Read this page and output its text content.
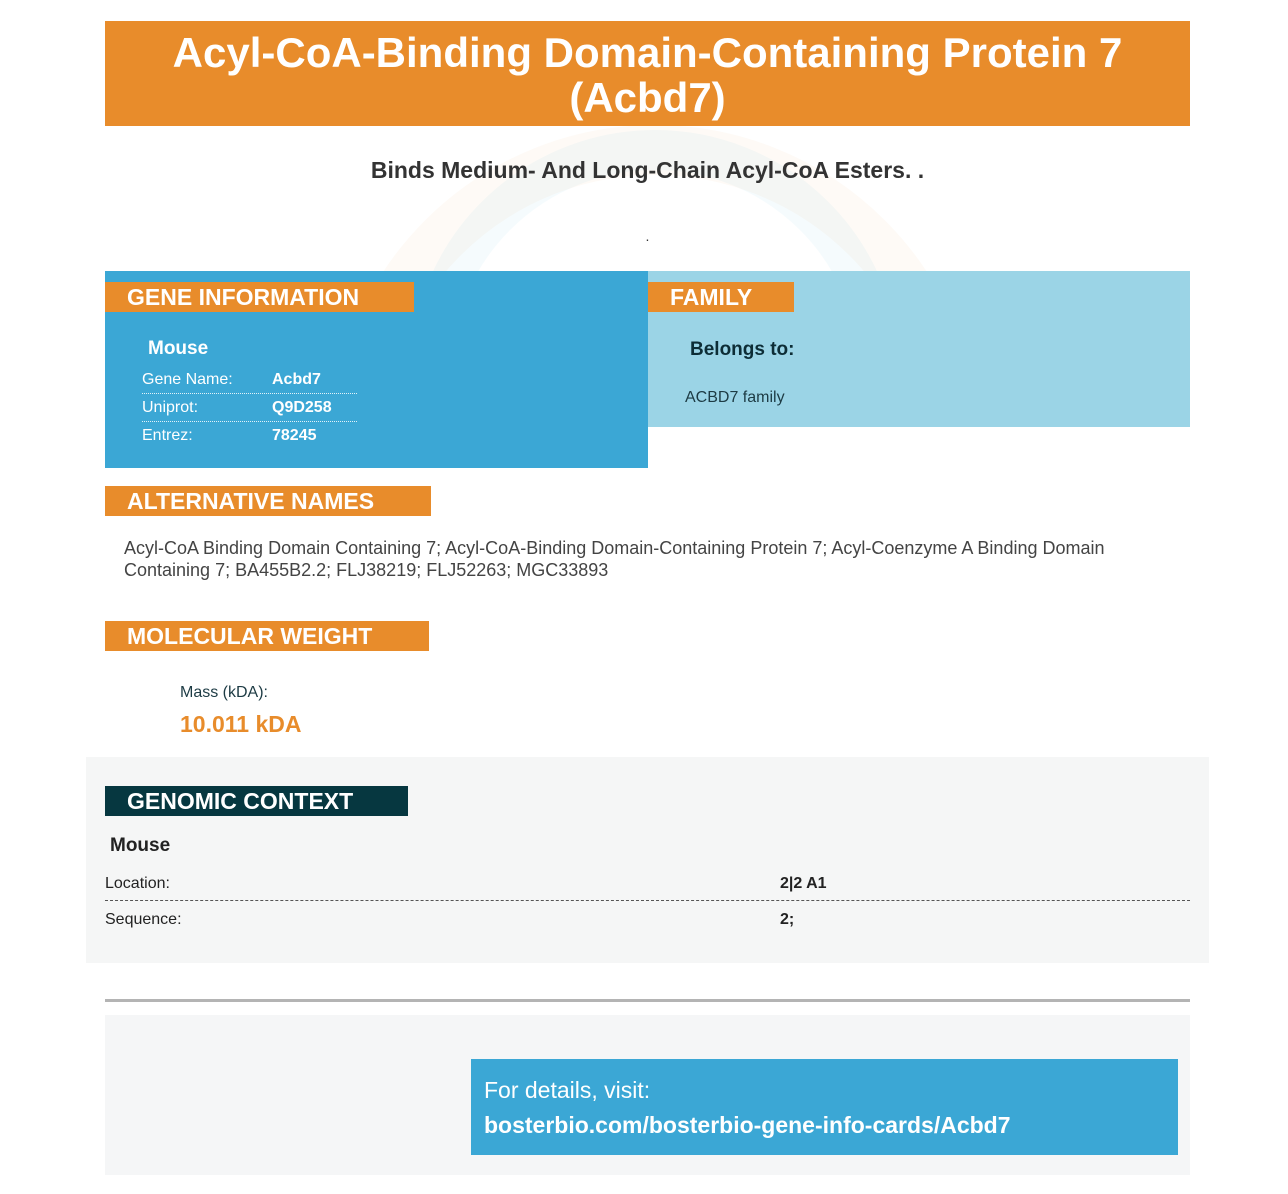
Acyl-CoA-Binding Domain-Containing Protein 7 (Acbd7)
Binds Medium- And Long-Chain Acyl-CoA Esters. .
.
GENE INFORMATION
Mouse
Gene Name:	Acbd7
Uniprot:	Q9D258
Entrez:	78245
FAMILY
Belongs to:
ACBD7 family
ALTERNATIVE NAMES
Acyl-CoA Binding Domain Containing 7; Acyl-CoA-Binding Domain-Containing Protein 7; Acyl-Coenzyme A Binding Domain Containing 7; BA455B2.2; FLJ38219; FLJ52263; MGC33893
MOLECULAR WEIGHT
Mass (kDA):
10.011 kDA
GENOMIC CONTEXT
Mouse
Location:	2|2 A1
Sequence:	2;
For details, visit:
bosterbio.com/bosterbio-gene-info-cards/Acbd7
